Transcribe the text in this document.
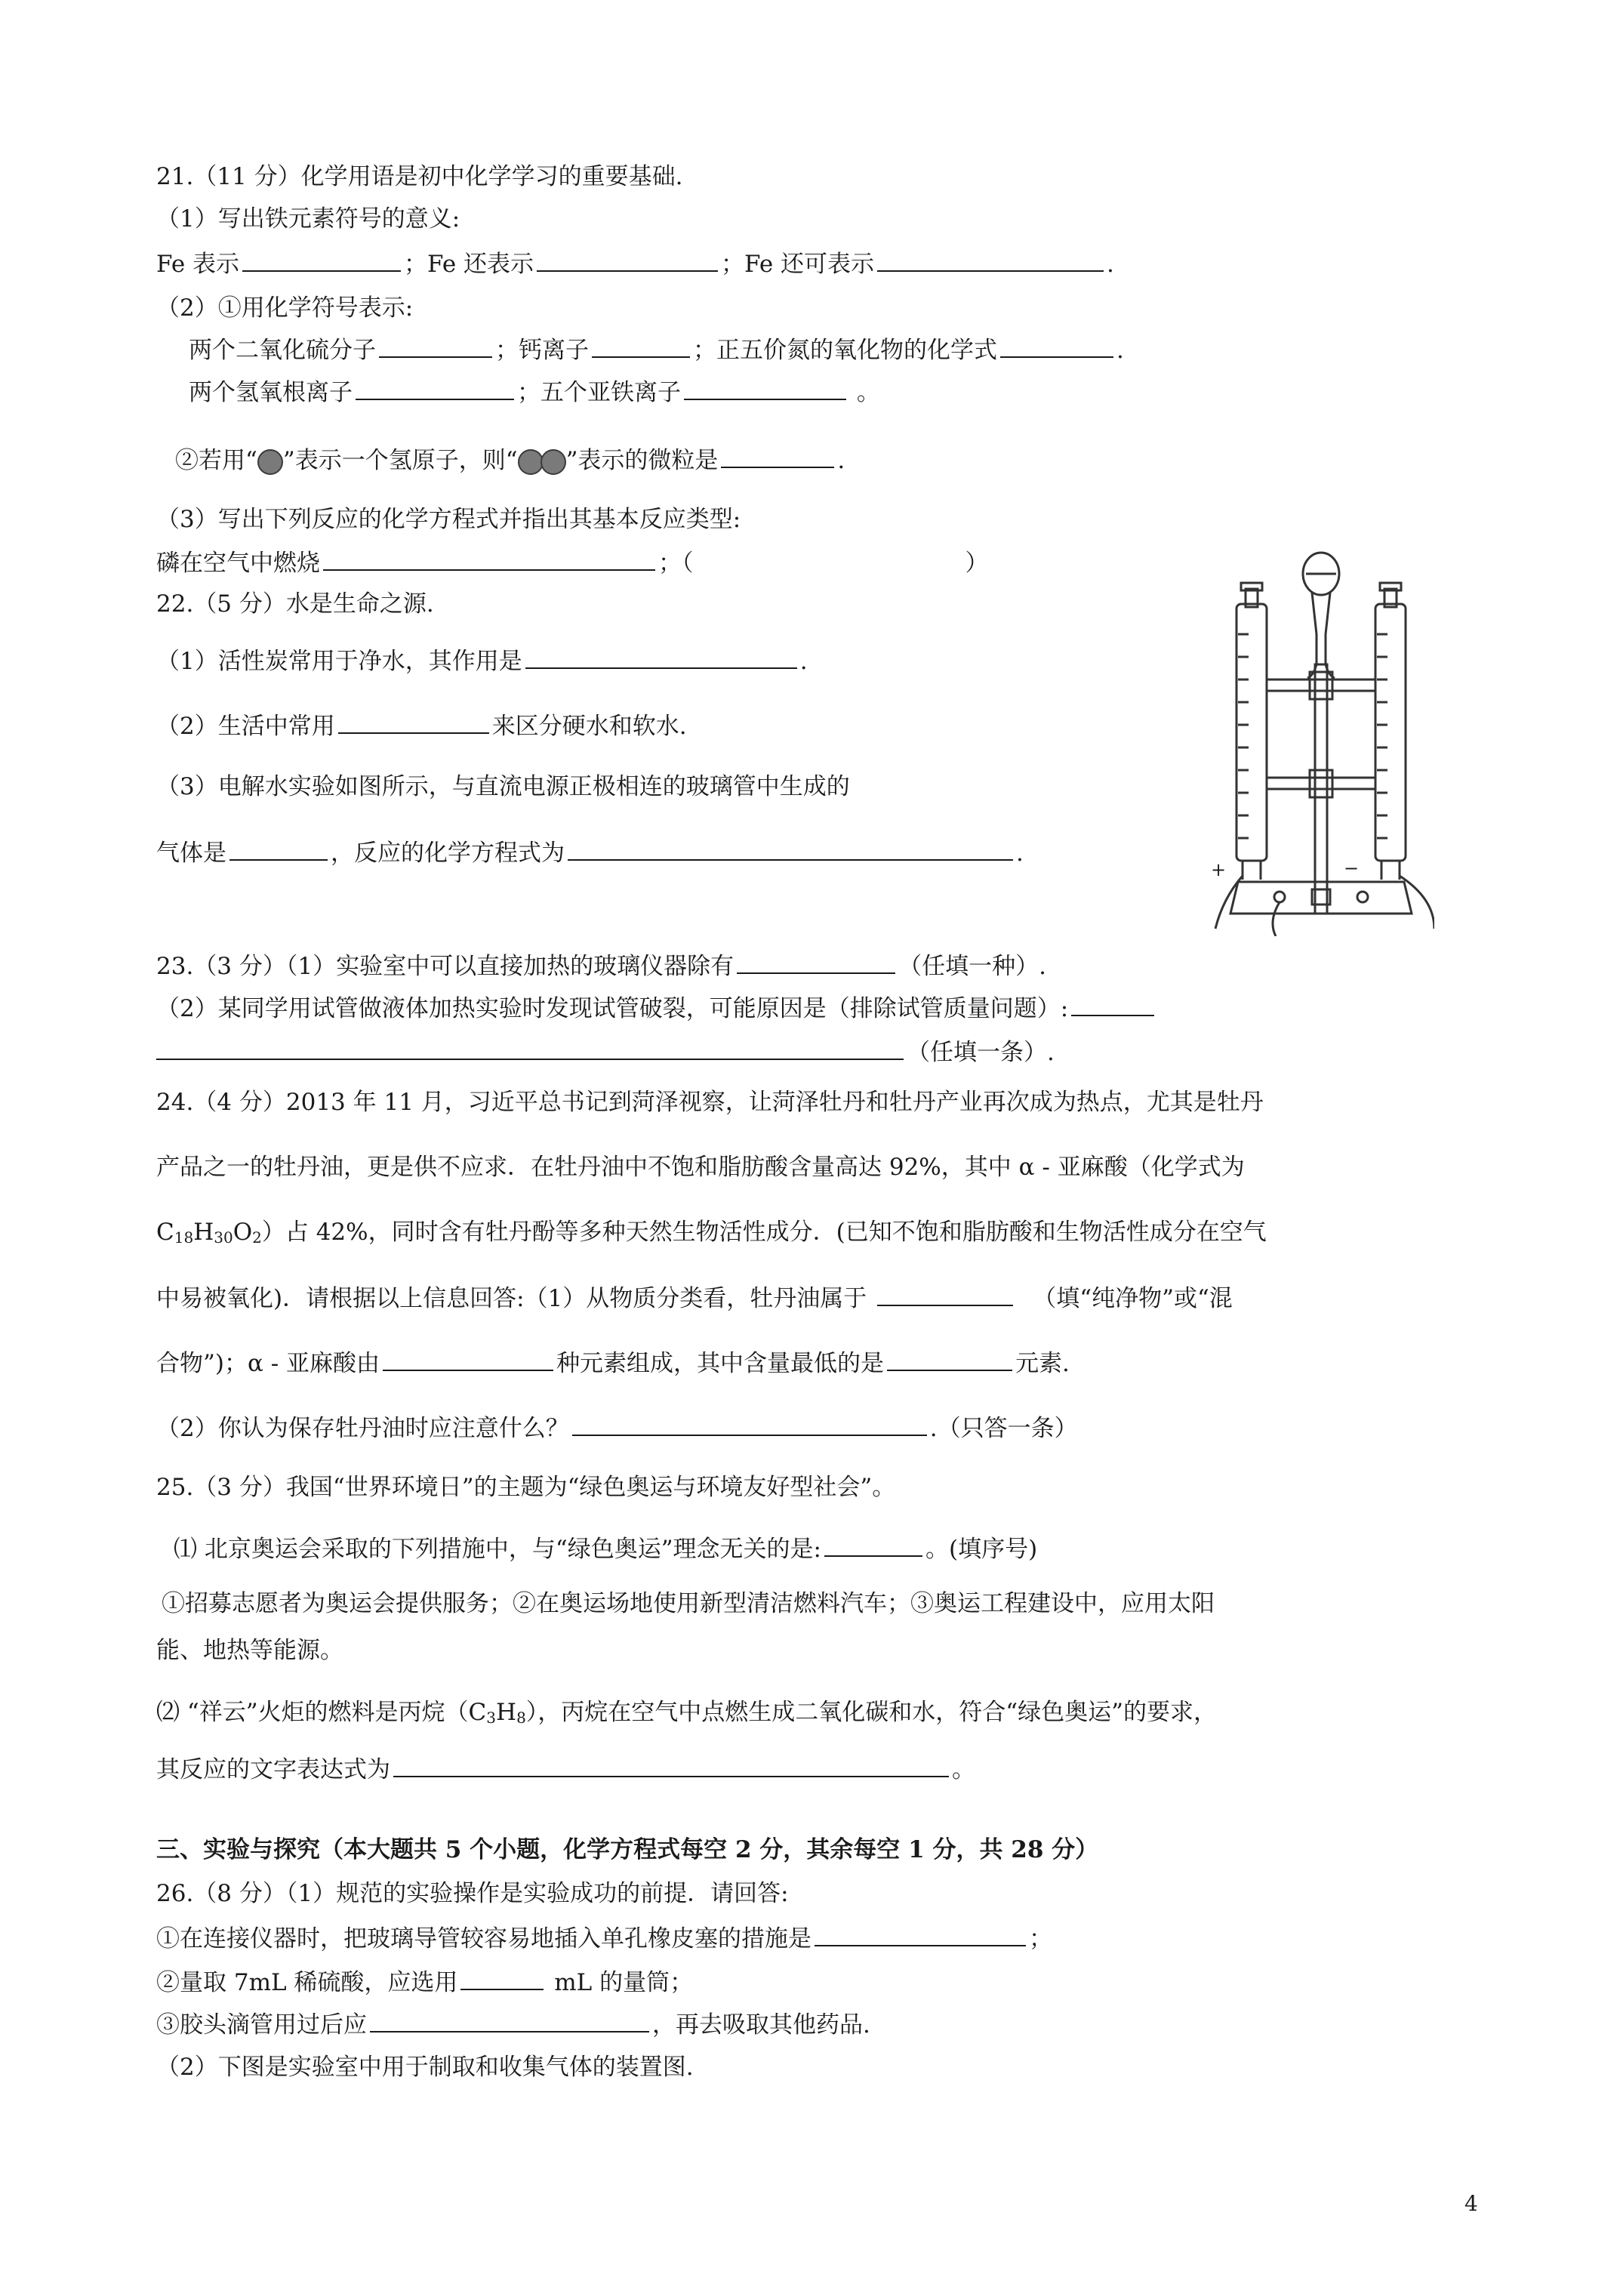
21.（11 分）化学用语是初中化学学习的重要基础.
（1）写出铁元素符号的意义:
Fe 表示	；Fe 还表示	；Fe 还可表示	.
（2）①用化学符号表示:
两个二氧化硫分子	；钙离子	；正五价氮的氧化物的化学式	.
两个氢氧根离子	；五个亚铁离子	。
②若用“ ”表示一个氢原子，则“ ”表示的微粒是	.
（3）写出下列反应的化学方程式并指出其基本反应类型:
磷在空气中燃烧	；（	）
22.（5 分）水是生命之源.
（1）活性炭常用于净水，其作用是	.
（2）生活中常用	来区分硬水和软水.
（3）电解水实验如图所示，与直流电源正极相连的玻璃管中生成的
气体是	，反应的化学方程式为	.
+	−
23.（3 分）（1）实验室中可以直接加热的玻璃仪器除有	（任填一种）.
（2）某同学用试管做液体加热实验时发现试管破裂，可能原因是（排除试管质量问题）:
（任填一条）.
24.（4 分）2013 年 11 月，习近平总书记到菏泽视察，让菏泽牡丹和牡丹产业再次成为热点，尤其是牡丹
产品之一的牡丹油，更是供不应求．在牡丹油中不饱和脂肪酸含量高达 92%，其中 α - 亚麻酸（化学式为
$C_{18}H_{30}O_2$）占 42%，同时含有牡丹酚等多种天然生物活性成分．(已知不饱和脂肪酸和生物活性成分在空气
中易被氧化)．请根据以上信息回答:（1）从物质分类看，牡丹油属于	（填“纯净物”或“混
合物”)；α - 亚麻酸由	种元素组成，其中含量最低的是	元素.
（2）你认为保存牡丹油时应注意什么？	.（只答一条）
25.（3 分）我国“世界环境日”的主题为“绿色奥运与环境友好型社会”。
⑴ 北京奥运会采取的下列措施中，与“绿色奥运”理念无关的是:	。(填序号)
①招募志愿者为奥运会提供服务；②在奥运场地使用新型清洁燃料汽车；③奥运工程建设中，应用太阳
能、地热等能源。
⑵ “祥云”火炬的燃料是丙烷$(C_3H_8)$，丙烷在空气中点燃生成二氧化碳和水，符合“绿色奥运”的要求，
其反应的文字表达式为	。
三、实验与探究（本大题共 5 个小题，化学方程式每空 2 分，其余每空 1 分，共 28 分）
26.（8 分）（1）规范的实验操作是实验成功的前提．请回答:
①在连接仪器时，把玻璃导管较容易地插入单孔橡皮塞的措施是	；
②量取 7mL 稀硫酸，应选用	mL 的量筒；
③胶头滴管用过后应	，再去吸取其他药品.
（2）下图是实验室中用于制取和收集气体的装置图.
4
